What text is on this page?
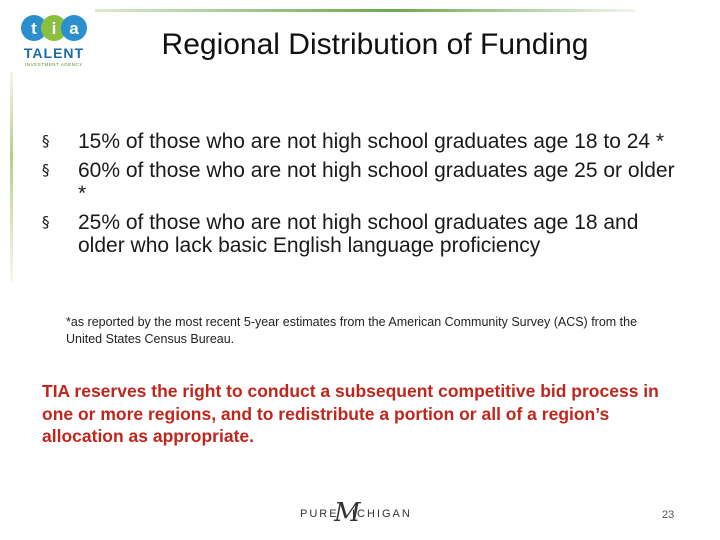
t i a
TALENT
INVESTMENT AGENCY
Regional Distribution of Funding
§ 15% of those who are not high school graduates age 18 to 24 *
§ 60% of those who are not high school graduates age 25 or older *
§ 25% of those who are not high school graduates age 18 and older who lack basic English language proficiency
*as reported by the most recent 5-year estimates from the American Community Survey (ACS) from the United States Census Bureau.
TIA reserves the right to conduct a subsequent competitive bid process in one or more regions, and to redistribute a portion or all of a region’s allocation as appropriate.
PURE
M
ICHIGAN	23
